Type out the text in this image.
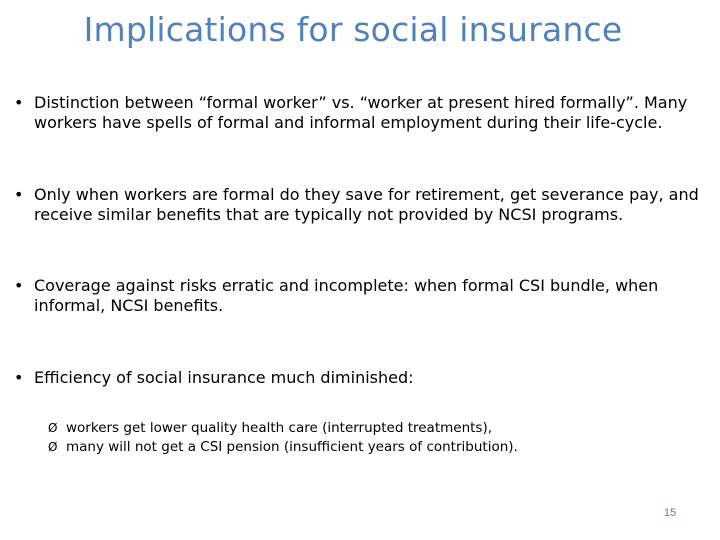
Implications for social insurance
• Distinction between “formal worker” vs. “worker at present hired formally”. Many workers have spells of formal and informal employment during their life-cycle.
• Only when workers are formal do they save for retirement, get severance pay, and receive similar benefits that are typically not provided by NCSI programs.
• Coverage against risks erratic and incomplete: when formal CSI bundle, when informal, NCSI benefits.
• Efficiency of social insurance much diminished:
Ø workers get lower quality health care (interrupted treatments),
Ø many will not get a CSI pension (insufficient years of contribution).
15
